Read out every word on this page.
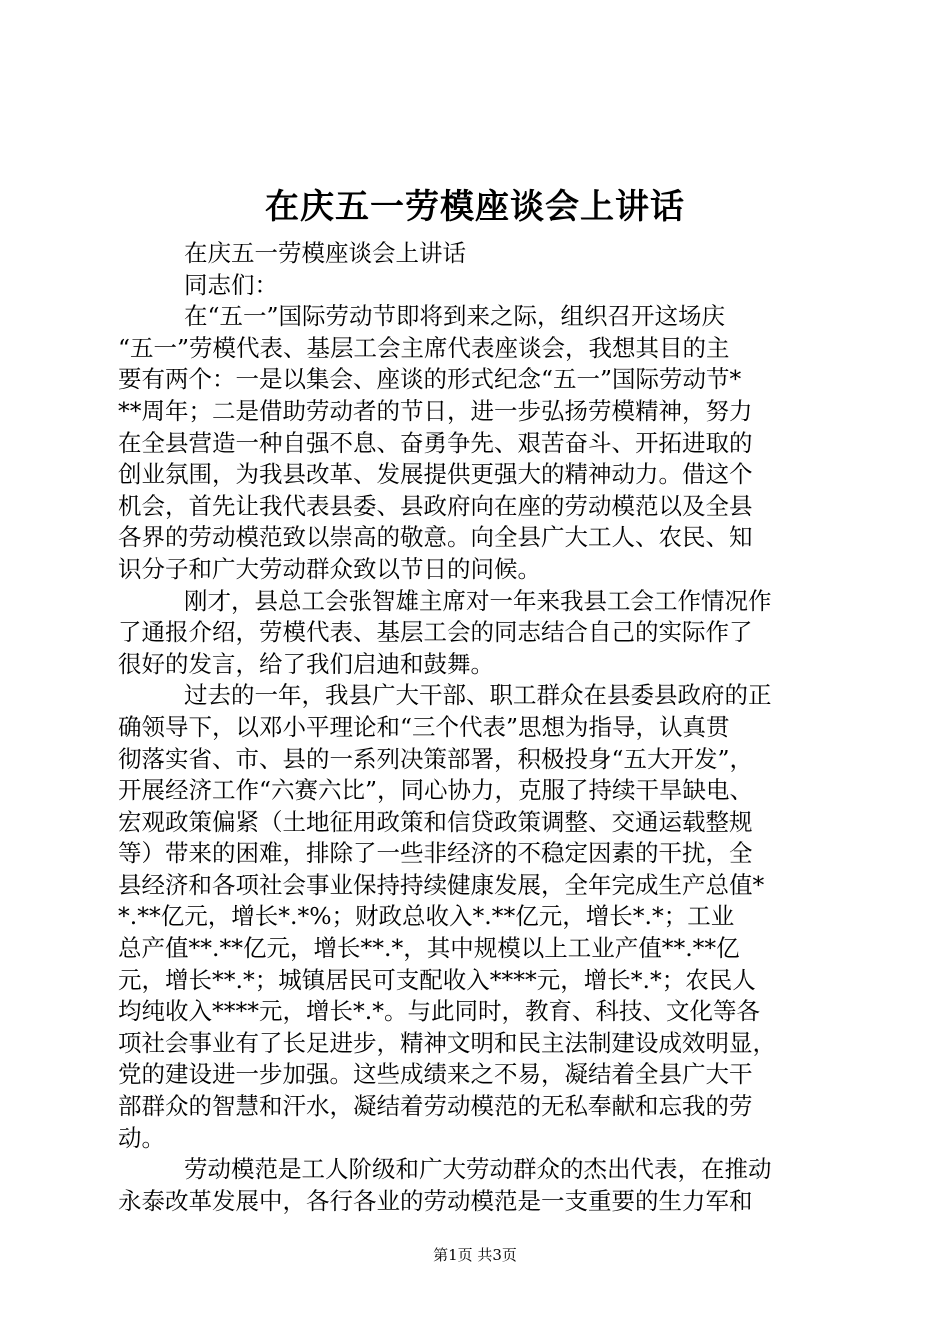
在庆五一劳模座谈会上讲话
在庆五一劳模座谈会上讲话
同志们：
在“五一”国际劳动节即将到来之际，组织召开这场庆
“五一”劳模代表、基层工会主席代表座谈会，我想其目的主
要有两个：一是以集会、座谈的形式纪念“五一”国际劳动节*
**周年；二是借助劳动者的节日，进一步弘扬劳模精神，努力
在全县营造一种自强不息、奋勇争先、艰苦奋斗、开拓进取的
创业氛围，为我县改革、发展提供更强大的精神动力。借这个
机会，首先让我代表县委、县政府向在座的劳动模范以及全县
各界的劳动模范致以崇高的敬意。向全县广大工人、农民、知
识分子和广大劳动群众致以节日的问候。
刚才，县总工会张智雄主席对一年来我县工会工作情况作
了通报介绍，劳模代表、基层工会的同志结合自己的实际作了
很好的发言，给了我们启迪和鼓舞。
过去的一年，我县广大干部、职工群众在县委县政府的正
确领导下，以邓小平理论和“三个代表”思想为指导，认真贯
彻落实省、市、县的一系列决策部署，积极投身“五大开发”，
开展经济工作“六赛六比”，同心协力，克服了持续干旱缺电、
宏观政策偏紧（土地征用政策和信贷政策调整、交通运载整规
等）带来的困难，排除了一些非经济的不稳定因素的干扰，全
县经济和各项社会事业保持持续健康发展，全年完成生产总值*
*.**亿元，增长*.*%；财政总收入*.**亿元，增长*.*；工业
总产值**.**亿元，增长**.*，其中规模以上工业产值**.**亿
元，增长**.*；城镇居民可支配收入****元，增长*.*；农民人
均纯收入****元，增长*.*。与此同时，教育、科技、文化等各
项社会事业有了长足进步，精神文明和民主法制建设成效明显，
党的建设进一步加强。这些成绩来之不易，凝结着全县广大干
部群众的智慧和汗水，凝结着劳动模范的无私奉献和忘我的劳
动。
劳动模范是工人阶级和广大劳动群众的杰出代表，在推动
永泰改革发展中，各行各业的劳动模范是一支重要的生力军和
第1页 共3页
